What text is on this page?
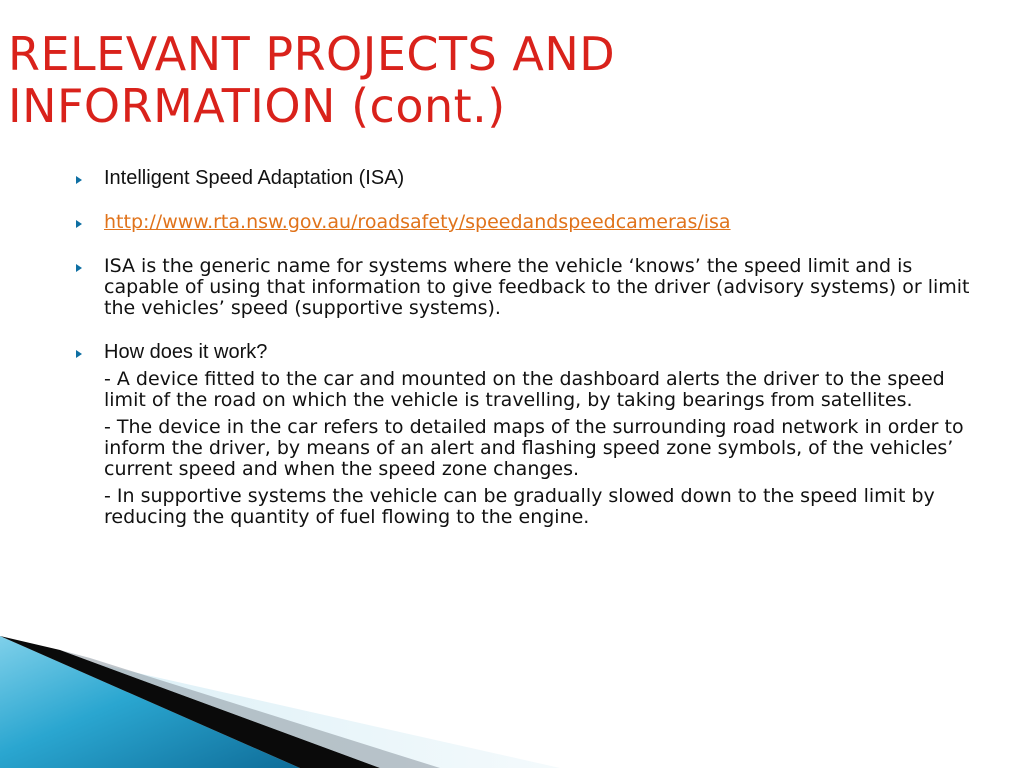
RELEVANT PROJECTS AND
INFORMATION (cont.)
Intelligent Speed Adaptation (ISA)
http://www.rta.nsw.gov.au/roadsafety/speedandspeedcameras/isa
ISA is the generic name for systems where the vehicle ‘knows’ the speed limit and is capable of using that information to give feedback to the driver (advisory systems) or limit the vehicles’ speed (supportive systems).
How does it work?

- A device fitted to the car and mounted on the dashboard alerts the driver to the speed limit of the road on which the vehicle is travelling, by taking bearings from satellites.

- The device in the car refers to detailed maps of the surrounding road network in order to inform the driver, by means of an alert and flashing speed zone symbols, of the vehicles’ current speed and when the speed zone changes.

- In supportive systems the vehicle can be gradually slowed down to the speed limit by reducing the quantity of fuel flowing to the engine.
